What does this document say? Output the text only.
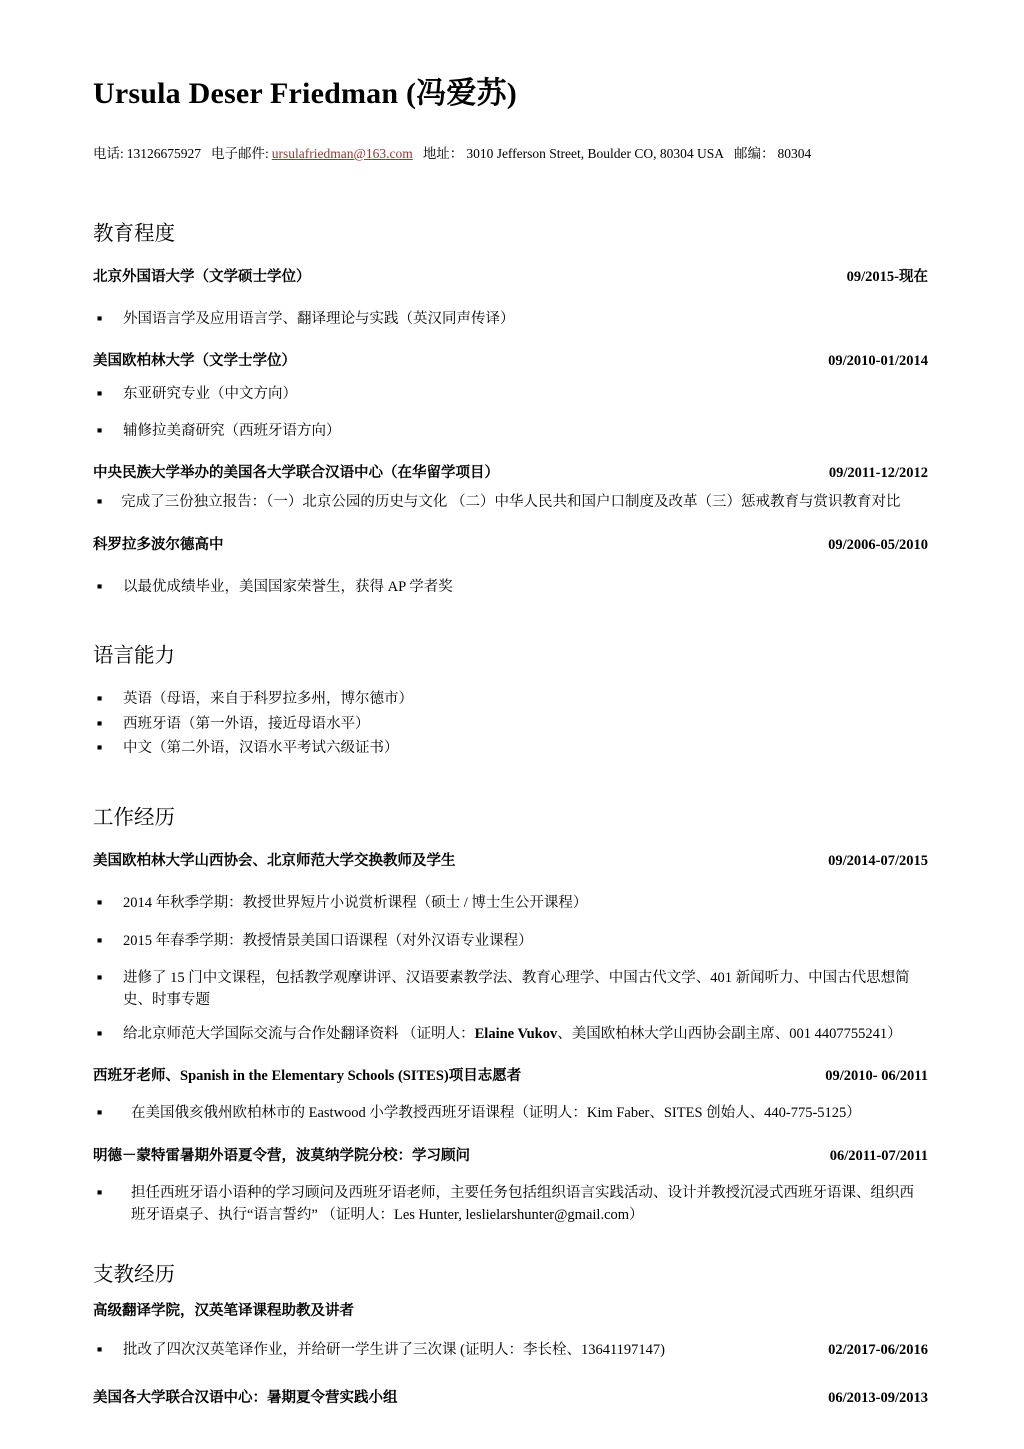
Ursula Deser Friedman (冯爱苏)
电话: 13126675927 电子邮件: ursulafriedman@163.com 地址： 3010 Jefferson Street, Boulder CO, 80304 USA 邮编： 80304
教育程度
北京外国语大学（文学硕士学位）	09/2015-现在
■	外国语言学及应用语言学、翻译理论与实践（英汉同声传译）
美国欧柏林大学（文学士学位）	09/2010-01/2014
■	东亚研究专业（中文方向）
■	辅修拉美裔研究（西班牙语方向）
中央民族大学举办的美国各大学联合汉语中心（在华留学项目）	09/2011-12/2012

■ 完成了三份独立报告：（一）北京公园的历史与文化 （二）中华人民共和国户口制度及改革（三）惩戒教育与赏识教育对比

科罗拉多波尔德高中	09/2006-05/2010
■	以最优成绩毕业，美国国家荣誉生，获得 AP 学者奖
语言能力
■	英语（母语，来自于科罗拉多州，博尔德市）
■	西班牙语（第一外语，接近母语水平）
■	中文（第二外语，汉语水平考试六级证书）
工作经历
美国欧柏林大学山西协会、北京师范大学交换教师及学生	09/2014-07/2015
■	2014 年秋季学期：教授世界短片小说赏析课程（硕士 / 博士生公开课程）
■	2015 年春季学期：教授情景美国口语课程（对外汉语专业课程）
■	进修了 15 门中文课程，包括教学观摩讲评、汉语要素教学法、教育心理学、中国古代文学、401 新闻听力、中国古代思想简史、时事专题
■	给北京师范大学国际交流与合作处翻译资料 （证明人：Elaine Vukov、美国欧柏林大学山西协会副主席、001 4407755241）
西班牙老师、Spanish in the Elementary Schools (SITES)项目志愿者	09/2010- 06/2011
■	在美国俄亥俄州欧柏林市的 Eastwood 小学教授西班牙语课程（证明人：Kim Faber、SITES 创始人、440-775-5125）
明德－蒙特雷暑期外语夏令营，波莫纳学院分校：学习顾问	06/2011-07/2011
■	担任西班牙语小语种的学习顾问及西班牙语老师，主要任务包括组织语言实践活动、设计并教授沉浸式西班牙语课、组织西班牙语桌子、执行“语言誓约” （证明人：Les Hunter, leslielarshunter@gmail.com）
支教经历
高级翻译学院，汉英笔译课程助教及讲者
■	批改了四次汉英笔译作业，并给研一学生讲了三次课 (证明人：李长栓、13641197147)	02/2017-06/2016
美国各大学联合汉语中心：暑期夏令营实践小组	06/2013-09/2013
